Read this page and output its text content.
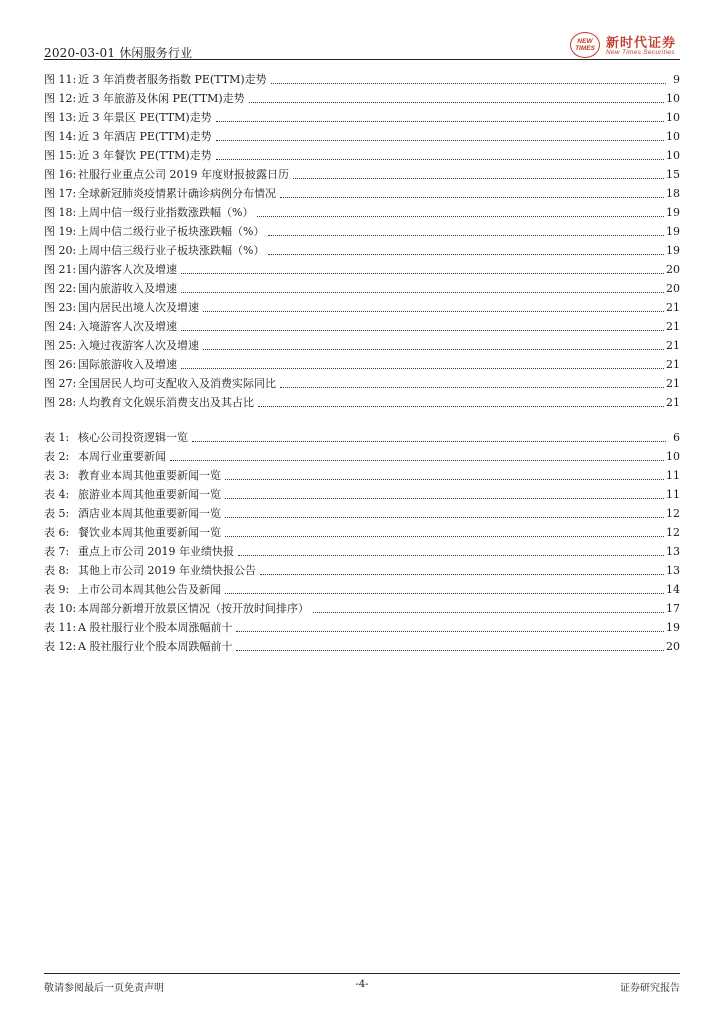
2020-03-01 休闲服务行业
NEW
TIMES 新时代证券
New Times Securities
图 11: 近 3 年消费者服务指数 PE(TTM)走势	9
图 12: 近 3 年旅游及休闲 PE(TTM)走势	10
图 13: 近 3 年景区 PE(TTM)走势	10
图 14: 近 3 年酒店 PE(TTM)走势	10
图 15: 近 3 年餐饮 PE(TTM)走势	10
图 16: 社服行业重点公司 2019 年度财报披露日历	15
图 17: 全球新冠肺炎疫情累计确诊病例分布情况	18
图 18: 上周中信一级行业指数涨跌幅（%）	19
图 19: 上周中信二级行业子板块涨跌幅（%）	19
图 20: 上周中信三级行业子板块涨跌幅（%）	19
图 21: 国内游客人次及增速	20
图 22: 国内旅游收入及增速	20
图 23: 国内居民出境人次及增速	21
图 24: 入境游客人次及增速	21
图 25: 入境过夜游客人次及增速	21
图 26: 国际旅游收入及增速	21
图 27: 全国居民人均可支配收入及消费实际同比	21
图 28: 人均教育文化娱乐消费支出及其占比	21
表 1: 核心公司投资逻辑一览	6
表 2: 本周行业重要新闻	10
表 3: 教育业本周其他重要新闻一览	11
表 4: 旅游业本周其他重要新闻一览	11
表 5: 酒店业本周其他重要新闻一览	12
表 6: 餐饮业本周其他重要新闻一览	12
表 7: 重点上市公司 2019 年业绩快报	13
表 8: 其他上市公司 2019 年业绩快报公告	13
表 9: 上市公司本周其他公告及新闻	14
表 10: 本周部分新增开放景区情况（按开放时间排序）	17
表 11: A 股社服行业个股本周涨幅前十	19
表 12: A 股社服行业个股本周跌幅前十	20
敬请参阅最后一页免责声明	-4-	证券研究报告
